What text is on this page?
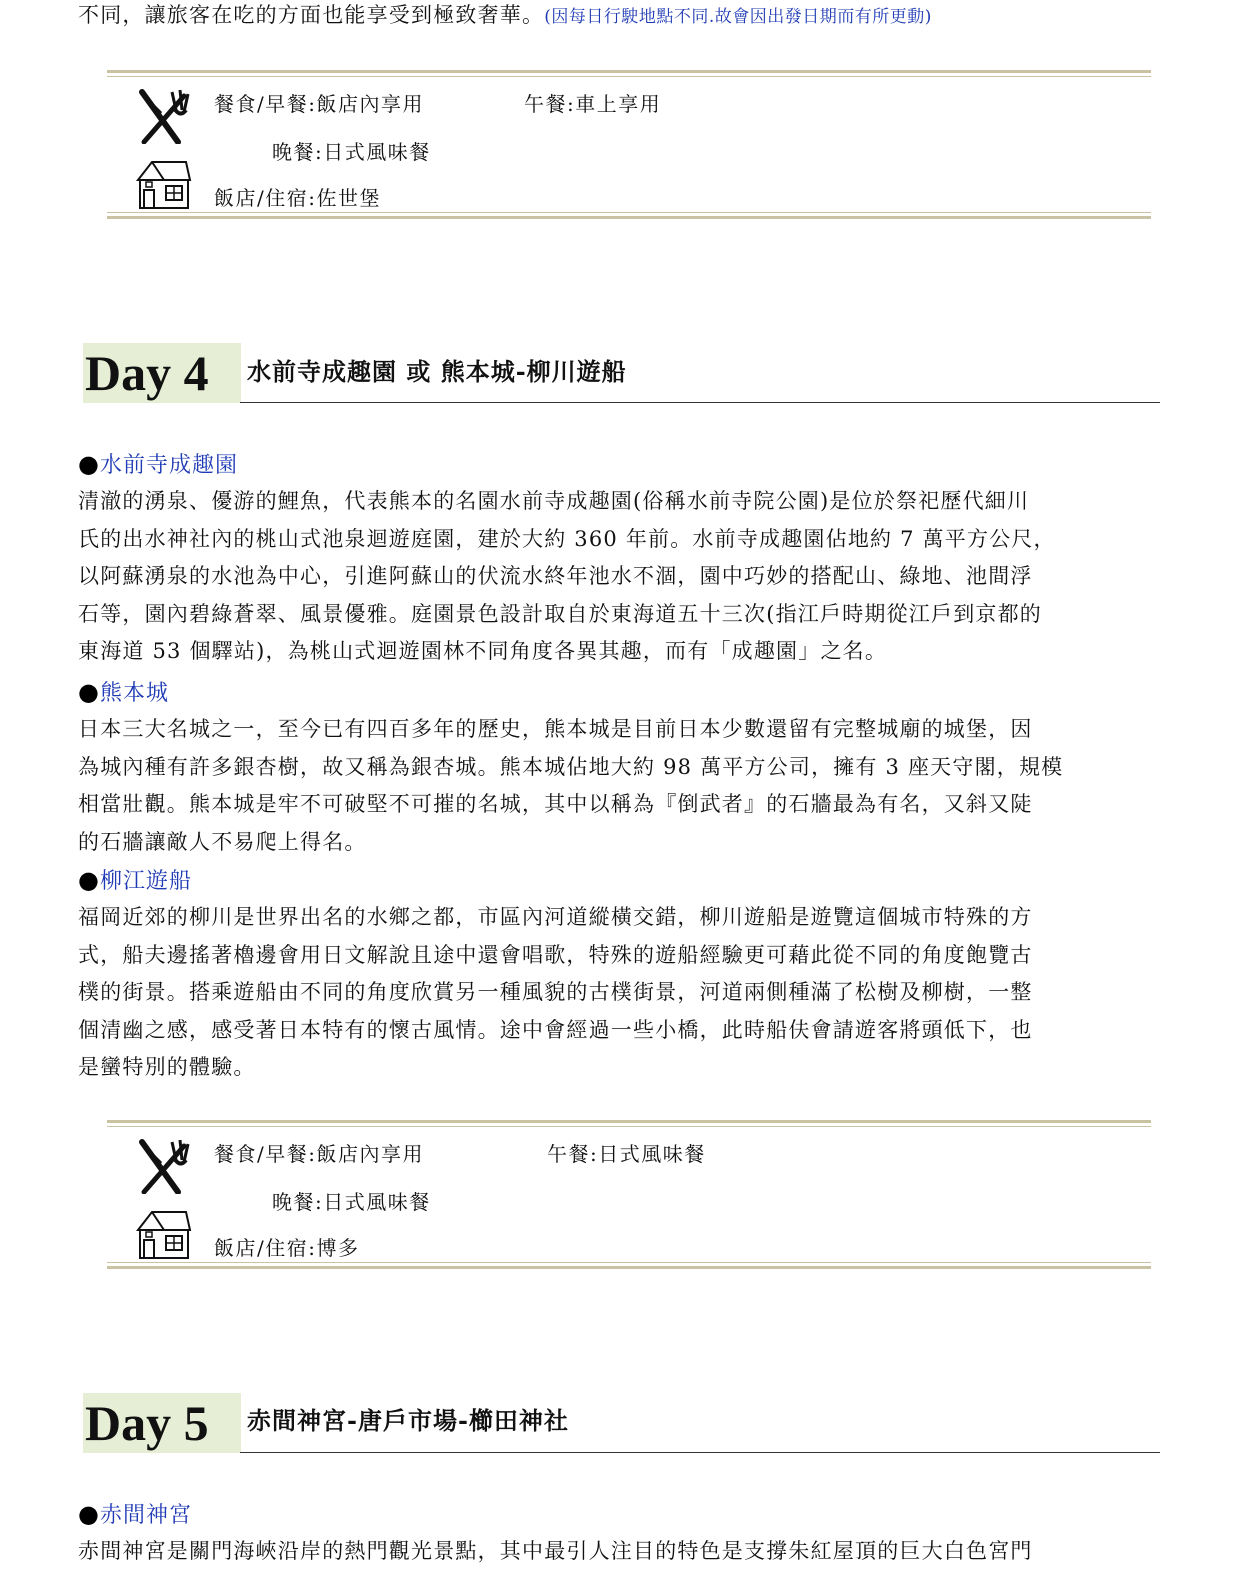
不同，讓旅客在吃的方面也能享受到極致奢華。(因每日行駛地點不同.故會因出發日期而有所更動)
餐食/早餐:飯店內享用	午餐:車上享用
晚餐:日式風味餐
飯店/住宿:佐世堡
Day 4	水前寺成趣園 或 熊本城-柳川遊船
●水前寺成趣園
清澈的湧泉、優游的鯉魚，代表熊本的名園水前寺成趣園(俗稱水前寺院公園)是位於祭祀歷代細川
氏的出水神社內的桃山式池泉迴遊庭園，建於大約 360 年前。水前寺成趣園佔地約 7 萬平方公尺，
以阿蘇湧泉的水池為中心，引進阿蘇山的伏流水終年池水不涸，園中巧妙的搭配山、綠地、池間浮
石等，園內碧綠蒼翠、風景優雅。庭園景色設計取自於東海道五十三次(指江戶時期從江戶到京都的
東海道 53 個驛站)，為桃山式迴遊園林不同角度各異其趣，而有「成趣園」之名。
●熊本城
日本三大名城之一，至今已有四百多年的歷史，熊本城是目前日本少數還留有完整城廟的城堡，因
為城內種有許多銀杏樹，故又稱為銀杏城。熊本城佔地大約 98 萬平方公司，擁有 3 座天守閣，規模
相當壯觀。熊本城是牢不可破堅不可摧的名城，其中以稱為『倒武者』的石牆最為有名，又斜又陡
的石牆讓敵人不易爬上得名。
●柳江遊船
福岡近郊的柳川是世界出名的水鄉之都，市區內河道縱橫交錯，柳川遊船是遊覽這個城市特殊的方
式，船夫邊搖著櫓邊會用日文解說且途中還會唱歌，特殊的遊船經驗更可藉此從不同的角度飽覽古
樸的街景。搭乘遊船由不同的角度欣賞另一種風貌的古樸街景，河道兩側種滿了松樹及柳樹，一整
個清幽之感，感受著日本特有的懷古風情。途中會經過一些小橋，此時船伕會請遊客將頭低下，也
是蠻特別的體驗。
餐食/早餐:飯店內享用	午餐:日式風味餐
晚餐:日式風味餐
飯店/住宿:博多
Day 5	赤間神宮-唐戶市場-櫛田神社
●赤間神宮
赤間神宮是關門海峽沿岸的熱門觀光景點，其中最引人注目的特色是支撐朱紅屋頂的巨大白色宮門
